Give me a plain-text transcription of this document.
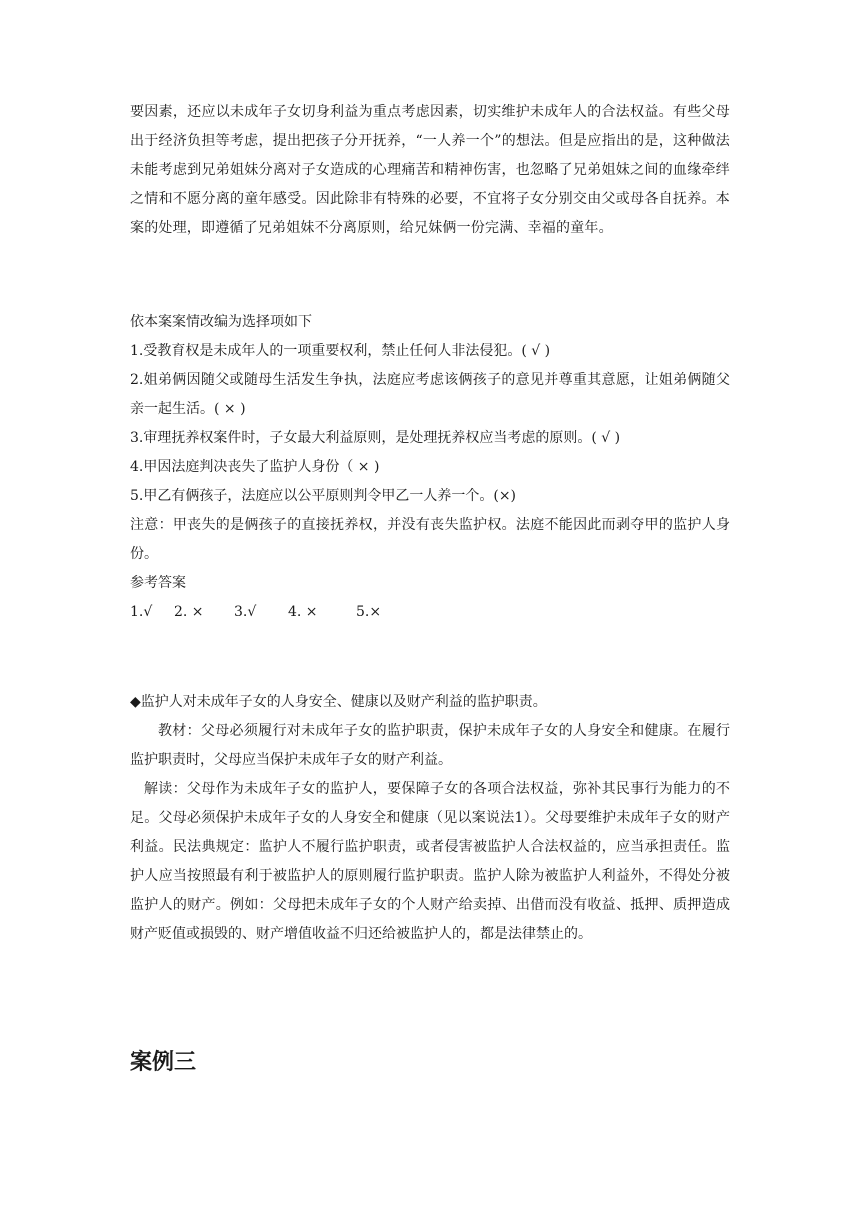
要因素，还应以未成年子女切身利益为重点考虑因素，切实维护未成年人的合法权益。有些父母出于经济负担等考虑，提出把孩子分开抚养，“一人养一个”的想法。但是应指出的是，这种做法未能考虑到兄弟姐妹分离对子女造成的心理痛苦和精神伤害，也忽略了兄弟姐妹之间的血缘牵绊之情和不愿分离的童年感受。因此除非有特殊的必要，不宜将子女分别交由父或母各自抚养。本案的处理，即遵循了兄弟姐妹不分离原则，给兄妹俩一份完满、幸福的童年。

依本案案情改编为选择项如下

1.受教育权是未成年人的一项重要权利，禁止任何人非法侵犯。( √ )

2.姐弟俩因随父或随母生活发生争执，法庭应考虑该俩孩子的意见并尊重其意愿，让姐弟俩随父亲一起生活。( × )

3.审理抚养权案件时，子女最大利益原则，是处理抚养权应当考虑的原则。( √ )

4.甲因法庭判决丧失了监护人身份（ × )

5.甲乙有俩孩子，法庭应以公平原则判令甲乙一人养一个。(×)

注意：甲丧失的是俩孩子的直接抚养权，并没有丧失监护权。法庭不能因此而剥夺甲的监护人身份。

参考答案

1.√ 2. × 3.√ 4. ×	5.×

◆监护人对未成年子女的人身安全、健康以及财产利益的监护职责。

教材：父母必须履行对未成年子女的监护职责，保护未成年子女的人身安全和健康。在履行监护职责时，父母应当保护未成年子女的财产利益。

解读：父母作为未成年子女的监护人，要保障子女的各项合法权益，弥补其民事行为能力的不足。父母必须保护未成年子女的人身安全和健康（见以案说法1）。父母要维护未成年子女的财产利益。民法典规定：监护人不履行监护职责，或者侵害被监护人合法权益的，应当承担责任。监护人应当按照最有利于被监护人的原则履行监护职责。监护人除为被监护人利益外，不得处分被监护人的财产。例如：父母把未成年子女的个人财产给卖掉、出借而没有收益、抵押、质押造成财产贬值或损毁的、财产增值收益不归还给被监护人的，都是法律禁止的。

案例三
